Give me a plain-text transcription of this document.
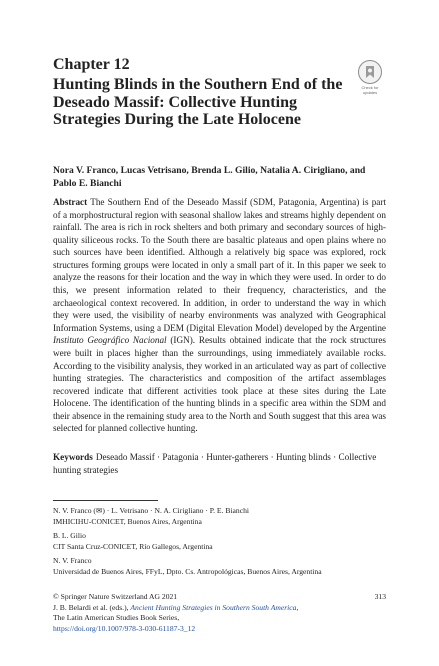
Chapter 12
Hunting Blinds in the Southern End of the Deseado Massif: Collective Hunting Strategies During the Late Holocene
Check for
updates
Nora V. Franco, Lucas Vetrisano, Brenda L. Gilio, Natalia A. Cirigliano, and Pablo E. Bianchi
Abstract The Southern End of the Deseado Massif (SDM, Patagonia, Argentina) is part of a morphostructural region with seasonal shallow lakes and streams highly dependent on rainfall. The area is rich in rock shelters and both primary and secondary sources of high-quality siliceous rocks. To the South there are basaltic plateaus and open plains where no such sources have been identified. Although a relatively big space was explored, rock structures forming groups were located in only a small part of it. In this paper we seek to analyze the reasons for their location and the way in which they were used. In order to do this, we present information related to their frequency, characteristics, and the archaeological context recovered. In addition, in order to understand the way in which they were used, the visibility of nearby environments was analyzed with Geographical Information Systems, using a DEM (Digital Elevation Model) developed by the Argentine Instituto Geográfico Nacional (IGN). Results obtained indicate that the rock structures were built in places higher than the surroundings, using immediately available rocks. According to the visibility analysis, they worked in an articulated way as part of collective hunting strategies. The characteristics and composition of the artifact assemblages recovered indicate that different activities took place at these sites during the Late Holocene. The identification of the hunting blinds in a specific area within the SDM and their absence in the remaining study area to the North and South suggest that this area was selected for planned collective hunting.
Keywords Deseado Massif · Patagonia · Hunter-gatherers · Hunting blinds · Collective hunting strategies
N. V. Franco (✉) · L. Vetrisano · N. A. Cirigliano · P. E. Bianchi
IMHICIHU-CONICET, Buenos Aires, Argentina
B. L. Gilio
CIT Santa Cruz-CONICET, Río Gallegos, Argentina
N. V. Franco
Universidad de Buenos Aires, FFyL, Dpto. Cs. Antropológicas, Buenos Aires, Argentina
© Springer Nature Switzerland AG 2021	313
J. B. Belardi et al. (eds.), Ancient Hunting Strategies in Southern South America,
The Latin American Studies Book Series,
https://doi.org/10.1007/978-3-030-61187-3_12
